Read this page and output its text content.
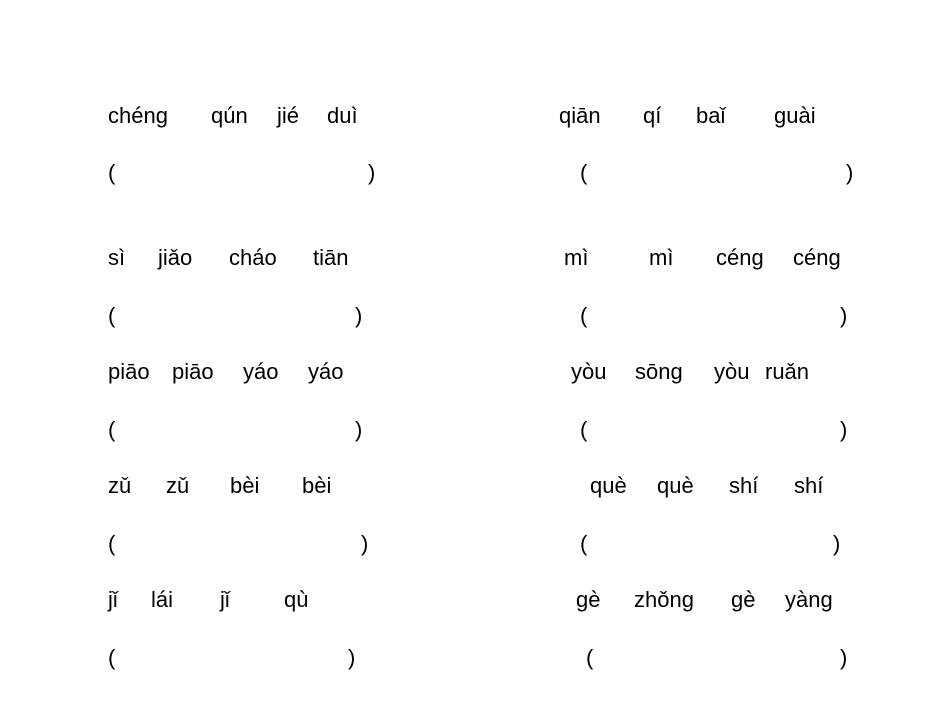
chéng qún jié duì
(	)
qiān qí baǐ guài
(	)
sì jiǎo cháo tiān
(	)
mì	mì céng céng
(	)
piāo piāo yáo yáo
(	)
yòu sōng yòu ruǎn
(	)
zǔ zǔ bèi bèi
(	)
què què shí shí
(	)
jǐ lái jǐ qù
(	)
gè zhǒng gè yàng
(	)
